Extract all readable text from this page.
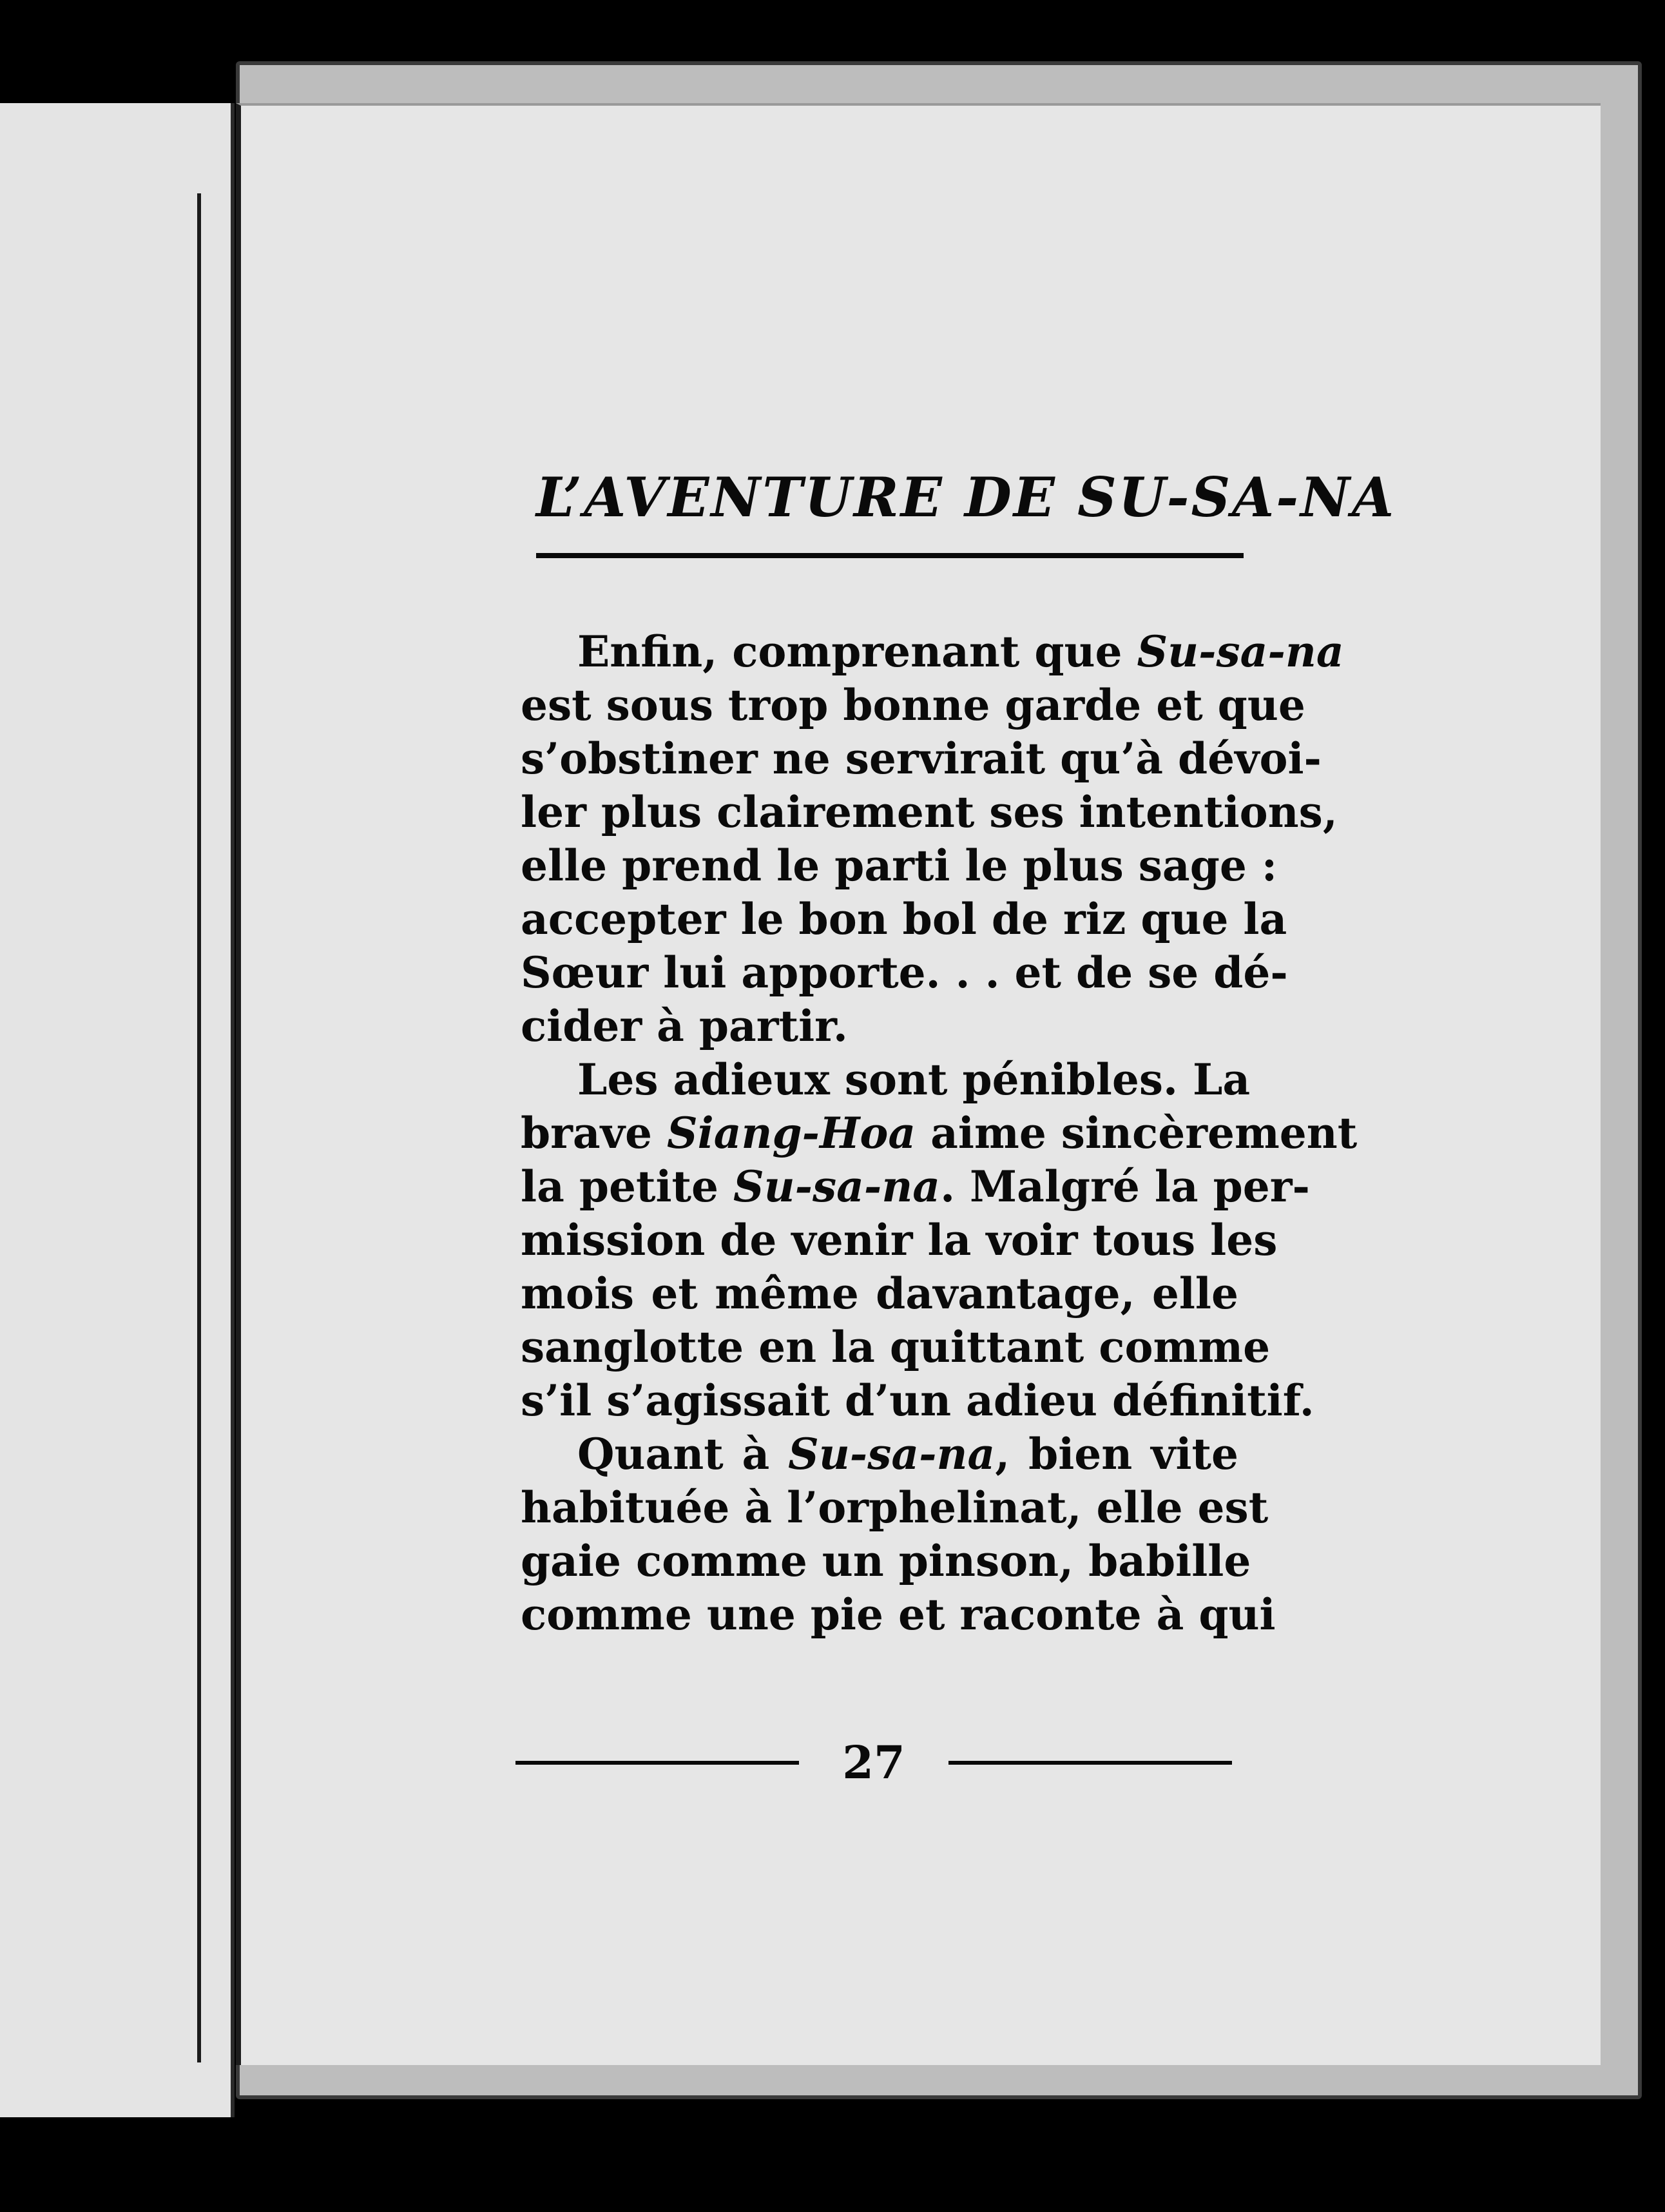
L’AVENTURE DE SU-SA-NA

Enfin, comprenant que Su-sa-na
est sous trop bonne garde et que
s’obstiner ne servirait qu’à dévoi-
ler plus clairement ses intentions,
elle prend le parti le plus sage :
accepter le bon bol de riz que la
Sœur lui apporte. . . et de se dé-
cider à partir.
Les adieux sont pénibles. La
brave Siang-Hoa aime sincèrement
la petite Su-sa-na. Malgré la per-
mission de venir la voir tous les
mois et même davantage, elle
sanglotte en la quittant comme
s’il s’agissait d’un adieu définitif.
Quant à Su-sa-na, bien vite
habituée à l’orphelinat, elle est
gaie comme un pinson, babille
comme une pie et raconte à qui
27
